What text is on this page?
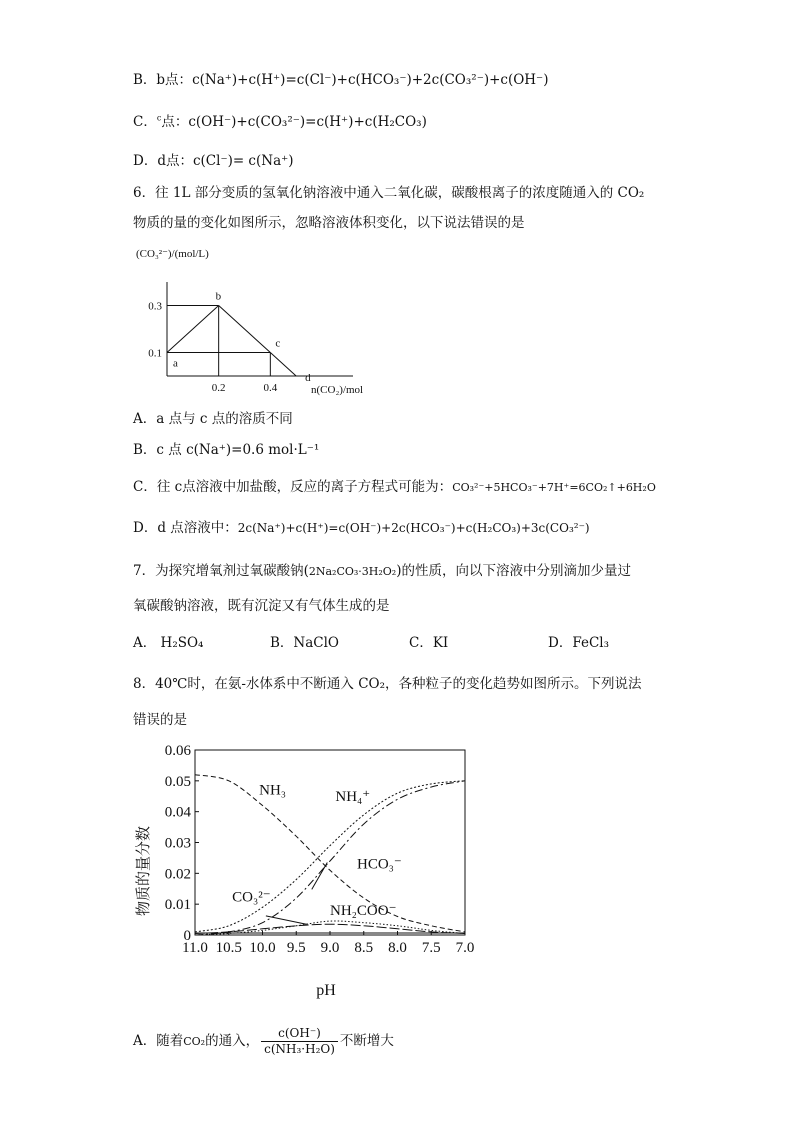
B．b点：c(Na⁺)+c(H⁺)=c(Cl⁻)+c(HCO₃⁻)+2c(CO₃²⁻)+c(OH⁻)
C．$^c$点：c(OH⁻)+c(CO₃²⁻)=c(H⁺)+c(H₂CO₃)
D．d点：c(Cl⁻)= c(Na⁺)
6．往 1L 部分变质的氢氧化钠溶液中通入二氧化碳，碳酸根离子的浓度随通入的 CO₂
物质的量的变化如图所示，忽略溶液体积变化，以下说法错误的是
(CO₃²⁻)/(mol/L)
0.3
0.1
0.2	0.4
a
b
c
d
n(CO₂)/mol
A．a 点与 c 点的溶质不同
B．c 点 c(Na⁺)=0.6 mol·L⁻¹
C．往 c点溶液中加盐酸，反应的离子方程式可能为：CO₃²⁻+5HCO₃⁻+7H⁺=6CO₂↑+6H₂O
D．d 点溶液中：2c(Na⁺)+c(H⁺)=c(OH⁻)+2c(HCO₃⁻)+c(H₂CO₃)+3c(CO₃²⁻)
7．为探究增氧剂过氧碳酸钠(2Na₂CO₃·3H₂O₂)的性质，向以下溶液中分别滴加少量过
氧碳酸钠溶液，既有沉淀又有气体生成的是
A． H₂SO₄	B．NaClO	C．KI	D．FeCl₃
8．40℃时，在氨-水体系中不断通入 CO₂，各种粒子的变化趋势如图所示。下列说法
错误的是
物质的量分数
0.06
0.05
0.04
0.03
0.02
0.01
0
11.0 10.5 10.0 9.5 9.0 8.5 8.0 7.5 7.0
NH₃	NH₄⁺
HCO₃⁻
CO₃²⁻
NH₂COO⁻
pH
A．随着CO₂的通入， $\frac{c(OH^-)}{\text{c(NH₃·H₂O)}}$ 不断增大
